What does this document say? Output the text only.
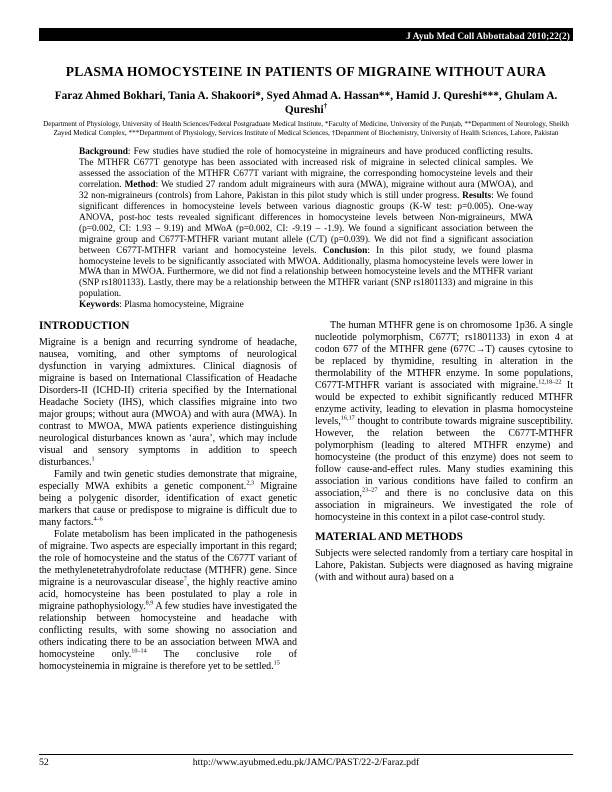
J Ayub Med Coll Abbottabad 2010;22(2)
PLASMA HOMOCYSTEINE IN PATIENTS OF MIGRAINE WITHOUT AURA
Faraz Ahmed Bokhari, Tania A. Shakoori*, Syed Ahmad A. Hassan**, Hamid J. Qureshi***, Ghulam A. Qureshi†
Department of Physiology, University of Health Sciences/Federal Postgraduate Medical Institute, *Faculty of Medicine, University of the Punjab, **Department of Neurology, Sheikh Zayed Medical Complex, ***Department of Physiology, Services Institute of Medical Sciences, †Department of Biochemistry, University of Health Sciences, Lahore, Pakistan

Background: Few studies have studied the role of homocysteine in migraineurs and have produced conflicting results. The MTHFR C677T genotype has been associated with increased risk of migraine in selected clinical samples. We assessed the association of the MTHFR C677T variant with migraine, the corresponding homocysteine levels and their correlation. Method: We studied 27 random adult migraineurs with aura (MWA), migraine without aura (MWOA), and 32 non-migraineurs (controls) from Lahore, Pakistan in this pilot study which is still under progress. Results: We found significant differences in homocysteine levels between various diagnostic groups (K-W test: p=0.005). One-way ANOVA, post-hoc tests revealed significant differences in homocysteine levels between Non-migraineurs, MWA (p=0.002, CI: 1.93 – 9.19) and MWoA (p=0.002, CI: -9.19 – -1.9). We found a significant association between the migraine group and C677T-MTHFR variant mutant allele (C/T) (p=0.039). We did not find a significant association between C677T-MTHFR variant and homocysteine levels. Conclusion: In this pilot study, we found plasma homocysteine levels to be significantly associated with MWOA. Additionally, plasma homocysteine levels were lower in MWA than in MWOA. Furthermore, we did not find a relationship between homocysteine levels and the MTHFR variant (SNP rs1801133). Lastly, there may be a relationship between the MTHFR variant (SNP rs1801133) and migraine in this population.

Keywords: Plasma homocysteine, Migraine

INTRODUCTION

Migraine is a benign and recurring syndrome of headache, nausea, vomiting, and other symptoms of neurological dysfunction in varying admixtures. Clinical diagnosis of migraine is based on International Classification of Headache Disorders-II (ICHD-II) criteria specified by the International Headache Society (IHS), which classifies migraine into two major groups; without aura (MWOA) and with aura (MWA). In contrast to MWOA, MWA patients experience distinguishing neurological disturbances known as ‘aura’, which may include visual and sensory symptoms in addition to speech disturbances.$^1$

Family and twin genetic studies demonstrate that migraine, especially MWA exhibits a genetic component.$^{2,3}$ Migraine being a polygenic disorder, identification of exact genetic markers that cause or predispose to migraine is difficult due to many factors.$^{4-6}$

Folate metabolism has been implicated in the pathogenesis of migraine. Two aspects are especially important in this regard; the role of homocysteine and the status of the C677T variant of the methylenetetrahydrofolate reductase (MTHFR) gene. Since migraine is a neurovascular disease$^7$, the highly reactive amino acid, homocysteine has been postulated to play a role in migraine pathophysiology.$^{8,9}$ A few studies have investigated the relationship between homocysteine and headache with conflicting results, with some showing no association and others indicating there to be an association between MWA and homocysteine only.$^{10-14}$ The conclusive role of homocysteinemia in migraine is therefore yet to be settled.$^{15}$

The human MTHFR gene is on chromosome 1p36. A single nucleotide polymorphism, C677T; rs1801133) in exon 4 at codon 677 of the MTHFR gene (677C→T) causes cytosine to be replaced by thymidine, resulting in alteration in the thermolability of the MTHFR enzyme. In some populations, C677T-MTHFR variant is associated with migraine.$^{12,18-22}$ It would be expected to exhibit significantly reduced MTHFR enzyme activity, leading to elevation in plasma homocysteine levels,$^{16,17}$ thought to contribute towards migraine susceptibility. However, the relation between the C677T-MTHFR polymorphism (leading to altered MTHFR enzyme) and homocysteine (the product of this enzyme) does not seem to follow cause-and-effect rules. Many studies examining this association in various conditions have failed to confirm an association,$^{23-27}$ and there is no conclusive data on this association in migraineurs. We investigated the role of homocysteine in this context in a pilot case-control study.

MATERIAL AND METHODS

Subjects were selected randomly from a tertiary care hospital in Lahore, Pakistan. Subjects were diagnosed as having migraine (with and without aura) based on a

52	http://www.ayubmed.edu.pk/JAMC/PAST/22-2/Faraz.pdf
